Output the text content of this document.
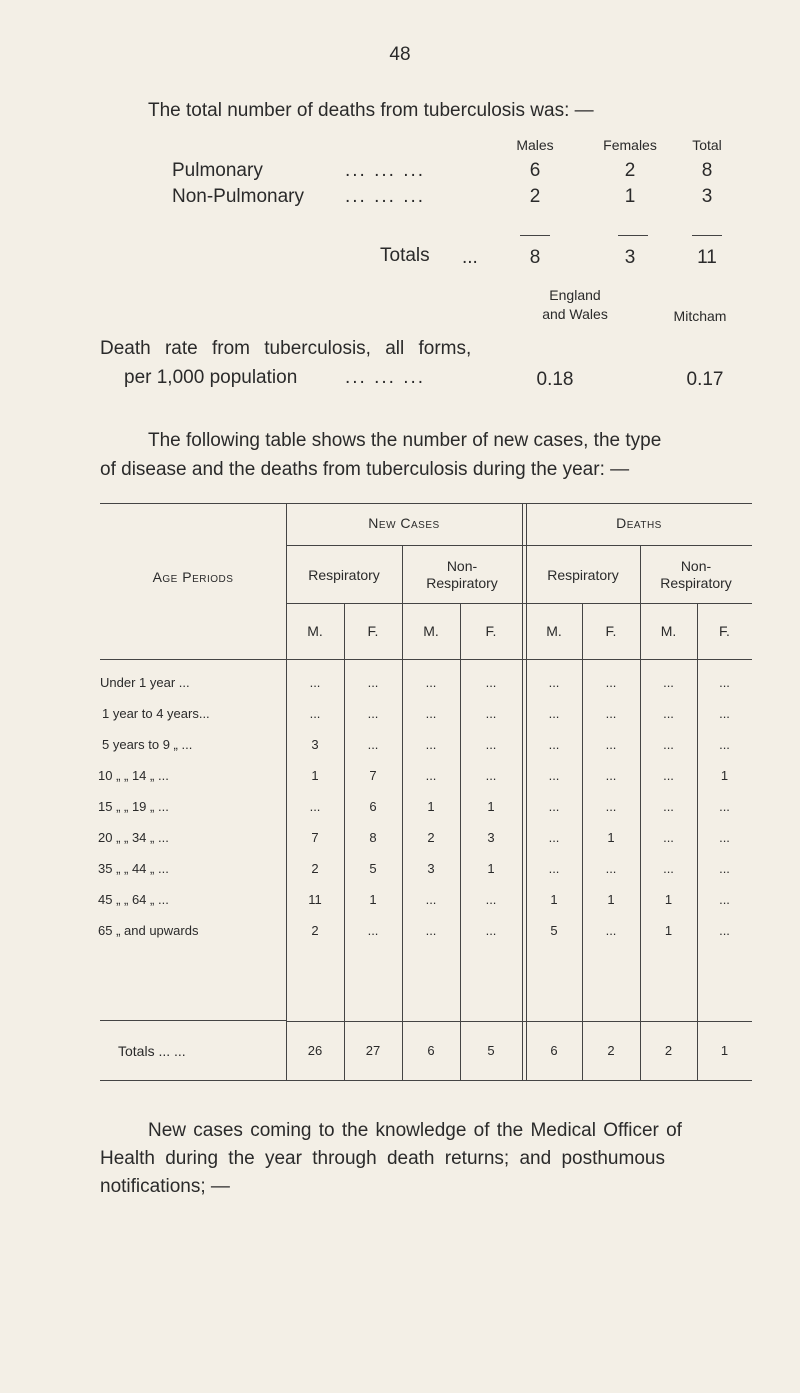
48
The total number of deaths from tuberculosis was: —
Males	Females	Total
Pulmonary	... ... ...	6	2	8
Non-Pulmonary ... ... ...	2	1	3
Totals ...	8	3	11
England
and Wales	Mitcham
Death rate from tuberculosis, all forms,
per 1,000 population	... ... ...	0.18	0.17
The following table shows the number of new cases, the type
of disease and the deaths from tuberculosis during the year: —
Age Periods
New Cases	Deaths
Respiratory
Non-
Respiratory	Respiratory
Non-
Respiratory
M.	F.	M.	F.	M.	F.	M.	F.
Under 1 year ...	...	...	...	...	...	...	...	...
1 year to 4 years...	...	...	...	...	...	...	...	...
5 years to 9 „ ...	3	...	...	...	...	...	...	...
10 „ „ 14 „ ...	1	7	...	...	...	...	...	1
15 „ „ 19 „ ...	...	6	1	1	...	...	...	...
20 „ „ 34 „ ...	7	8	2	3	...	1	...	...
35 „ „ 44 „ ...	2	5	3	1	...	...	...	...
45 „ „ 64 „ ...	11	1	...	...	1	1	1	...
65 „ and upwards	2	...	...	...	5	...	1	...
Totals ... ...	26	27	6	5	6	2	2	1
New cases coming to the knowledge of the Medical Officer of
Health during the year through death returns; and posthumous
notifications; —
